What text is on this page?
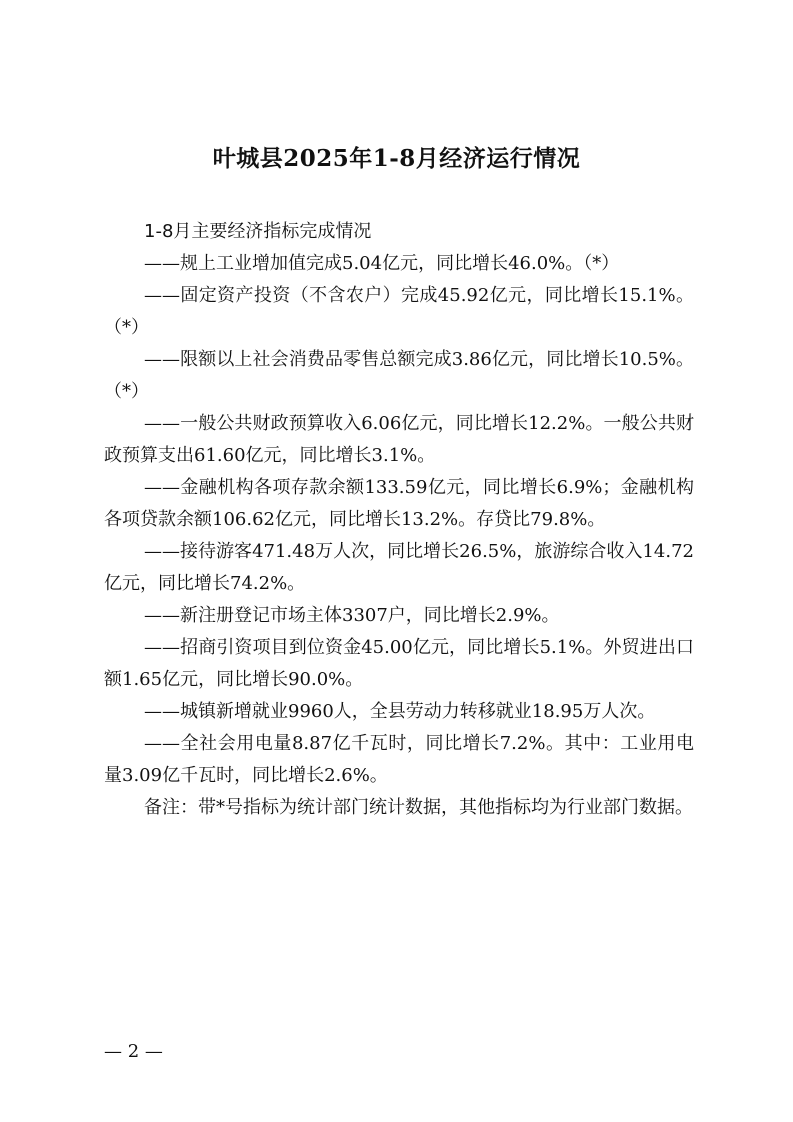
叶城县2025年1-8月经济运行情况

1-8月主要经济指标完成情况

——规上工业增加值完成5.04亿元，同比增长46.0%。（*）

——固定资产投资（不含农户）完成45.92亿元，同比增长15.1%。（*）

——限额以上社会消费品零售总额完成3.86亿元，同比增长10.5%。（*）

——一般公共财政预算收入6.06亿元，同比增长12.2%。一般公共财政预算支出61.60亿元，同比增长3.1%。

——金融机构各项存款余额133.59亿元，同比增长6.9%；金融机构各项贷款余额106.62亿元，同比增长13.2%。存贷比79.8%。

——接待游客471.48万人次，同比增长26.5%，旅游综合收入14.72亿元，同比增长74.2%。

——新注册登记市场主体3307户，同比增长2.9%。

——招商引资项目到位资金45.00亿元，同比增长5.1%。外贸进出口额1.65亿元，同比增长90.0%。

——城镇新增就业9960人，全县劳动力转移就业18.95万人次。

——全社会用电量8.87亿千瓦时，同比增长7.2%。其中：工业用电量3.09亿千瓦时，同比增长2.6%。

备注：带*号指标为统计部门统计数据，其他指标均为行业部门数据。

— 2 —
